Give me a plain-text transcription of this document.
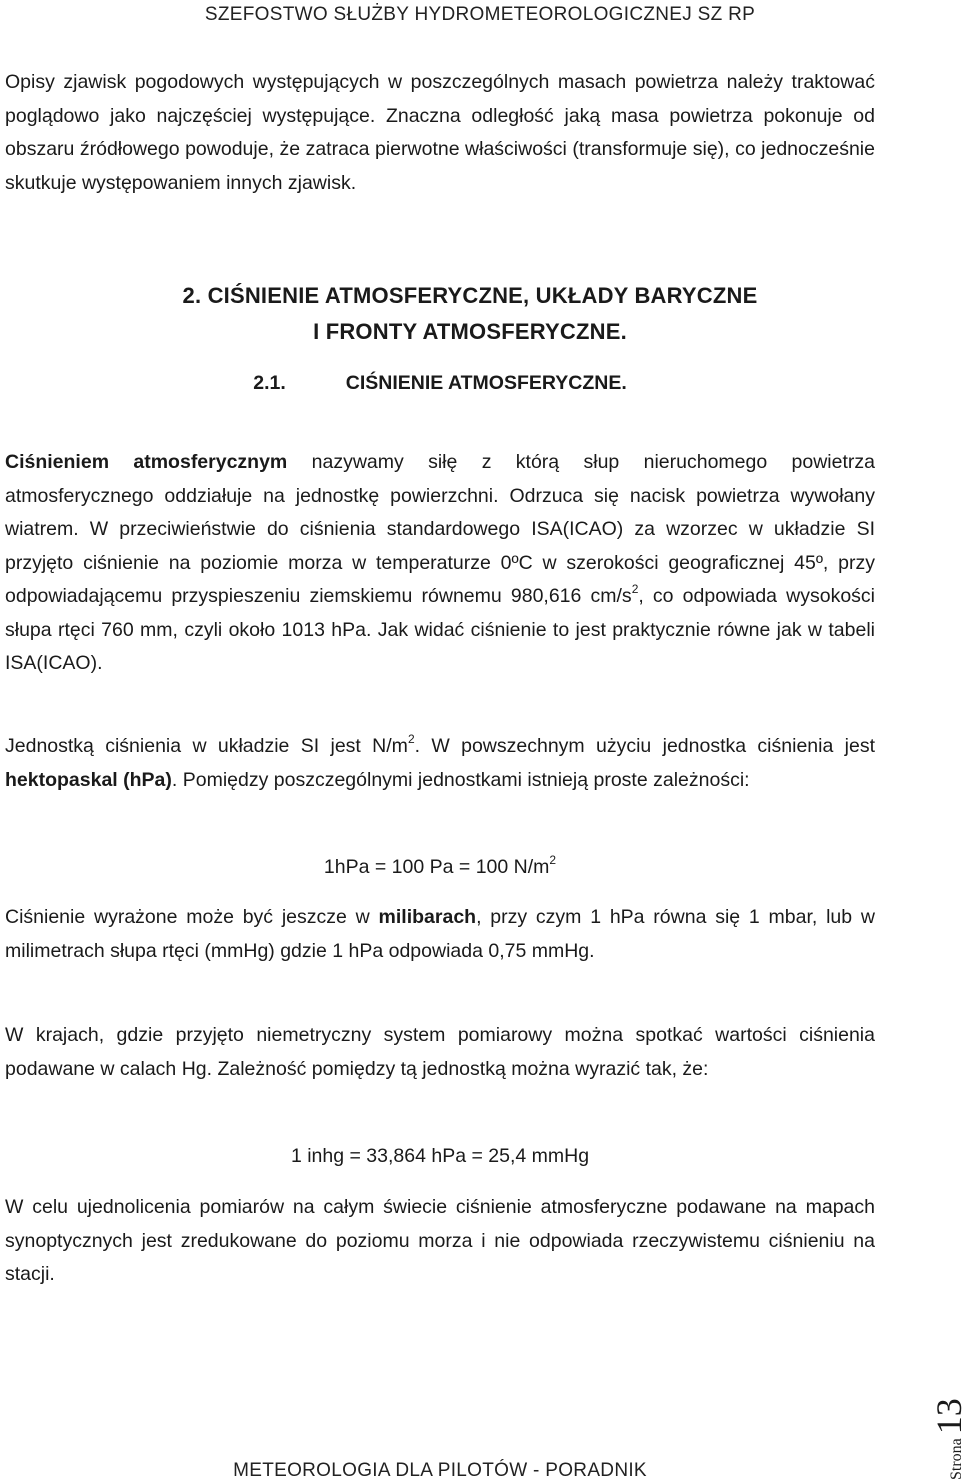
SZEFOSTWO SŁUŻBY HYDROMETEOROLOGICZNEJ SZ RP
Opisy zjawisk pogodowych występujących w poszczególnych masach powietrza należy traktować poglądowo jako najczęściej występujące. Znaczna odległość jaką masa powietrza pokonuje od obszaru źródłowego powoduje, że zatraca pierwotne właściwości (transformuje się), co jednocześnie skutkuje występowaniem innych zjawisk.
2. CIŚNIENIE ATMOSFERYCZNE, UKŁADY BARYCZNE
I FRONTY ATMOSFERYCZNE.
2.1.	CIŚNIENIE ATMOSFERYCZNE.
Ciśnieniem atmosferycznym nazywamy siłę z którą słup nieruchomego powietrza atmosferycznego oddziałuje na jednostkę powierzchni. Odrzuca się nacisk powietrza wywołany wiatrem. W przeciwieństwie do ciśnienia standardowego ISA(ICAO) za wzorzec w układzie SI przyjęto ciśnienie na poziomie morza w temperaturze 0ºC w szerokości geograficznej 45º, przy odpowiadającemu przyspieszeniu ziemskiemu równemu 980,616 $cm/s^2$, co odpowiada wysokości słupa rtęci 760 mm, czyli około 1013 hPa. Jak widać ciśnienie to jest praktycznie równe jak w tabeli ISA(ICAO).
Jednostką ciśnienia w układzie SI jest $N/m^2$. W powszechnym użyciu jednostka ciśnienia jest hektopaskal (hPa). Pomiędzy poszczególnymi jednostkami istnieją proste zależności:
1hPa = 100 Pa = 100 $N/m^2$
Ciśnienie wyrażone może być jeszcze w milibarach, przy czym 1 hPa równa się 1 mbar, lub w milimetrach słupa rtęci (mmHg) gdzie 1 hPa odpowiada 0,75 mmHg.
W krajach, gdzie przyjęto niemetryczny system pomiarowy można spotkać wartości ciśnienia podawane w calach Hg. Zależność pomiędzy tą jednostką można wyrazić tak, że:
1 inhg = 33,864 hPa = 25,4 mmHg
W celu ujednolicenia pomiarów na całym świecie ciśnienie atmosferyczne podawane na mapach synoptycznych jest zredukowane do poziomu morza i nie odpowiada rzeczywistemu ciśnieniu na stacji.
Strona 13
METEOROLOGIA DLA PILOTÓW - PORADNIK
